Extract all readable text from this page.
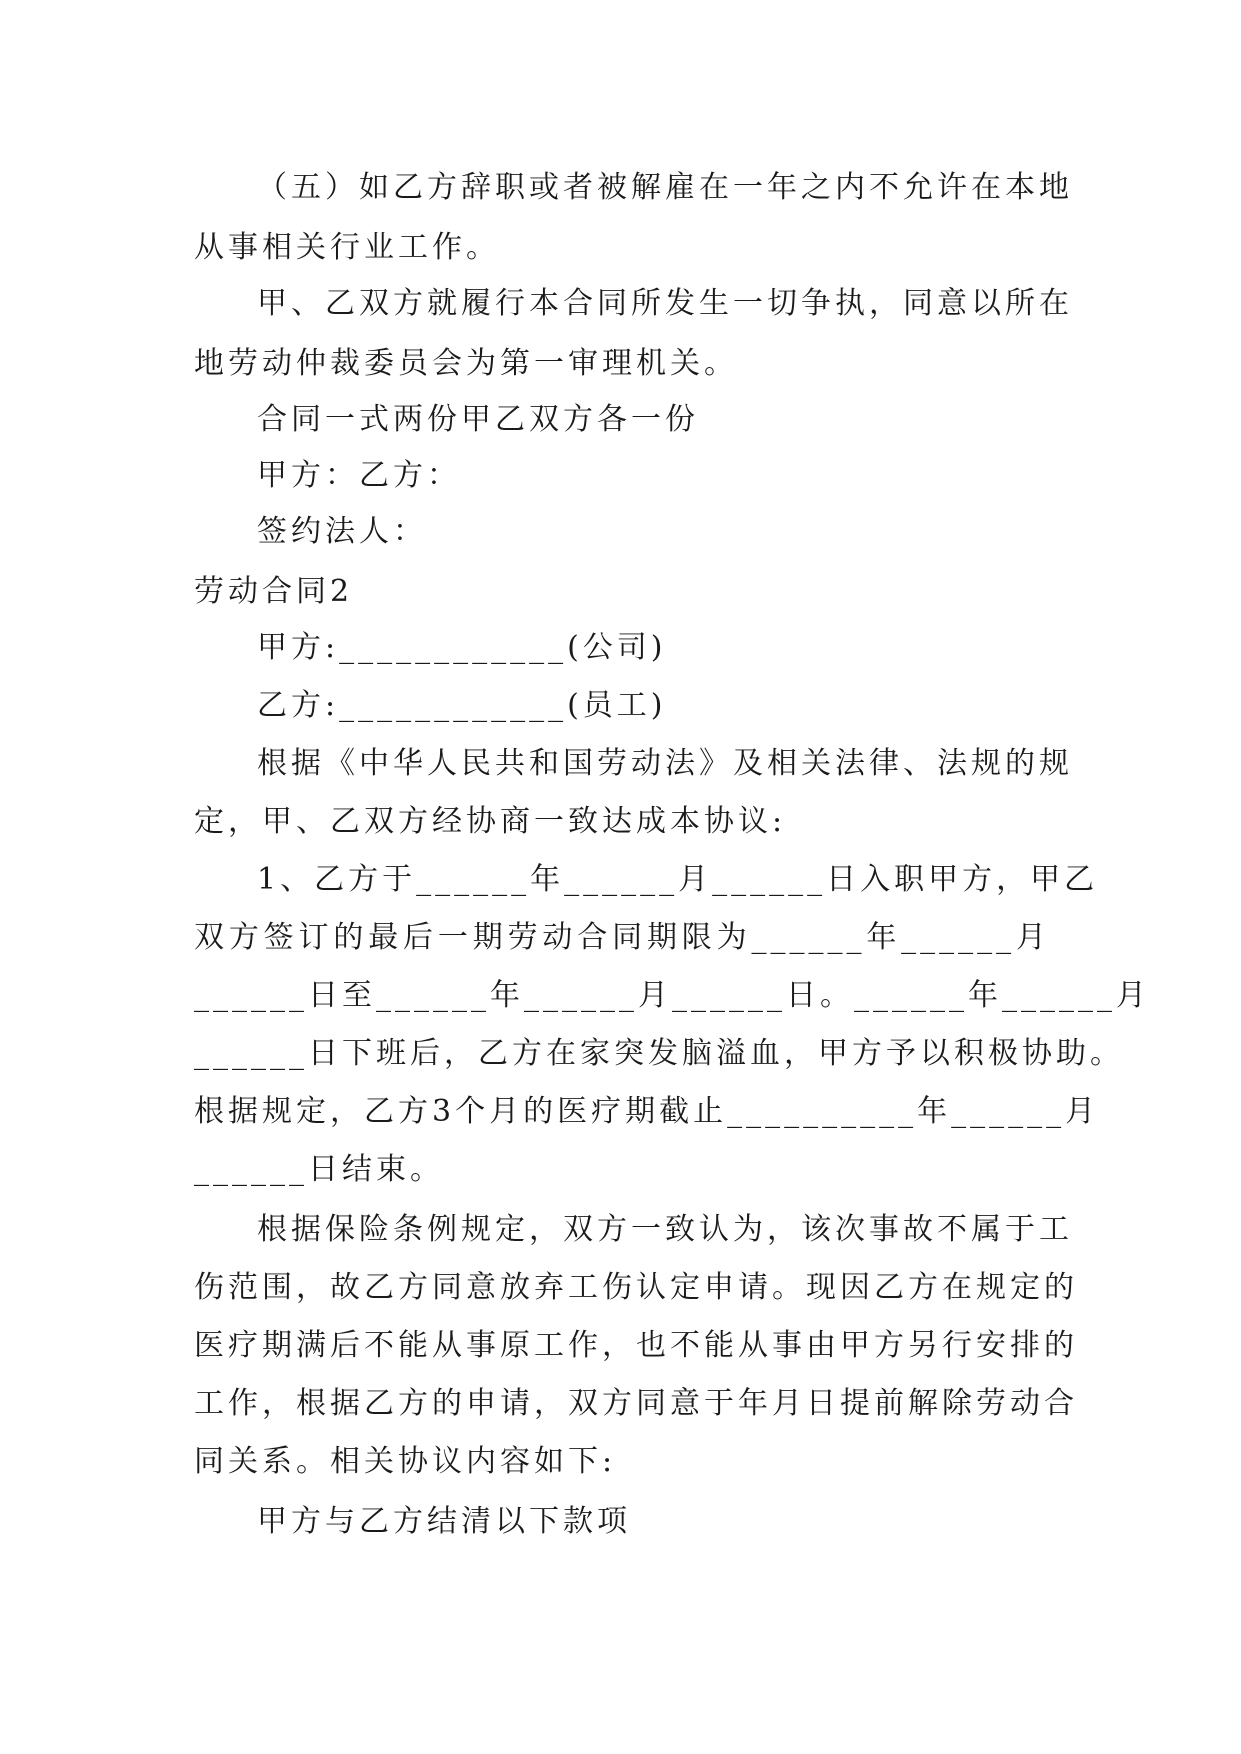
（五）如乙方辞职或者被解雇在一年之内不允许在本地
从事相关行业工作。
甲、乙双方就履行本合同所发生一切争执，同意以所在
地劳动仲裁委员会为第一审理机关。
合同一式两份甲乙双方各一份
甲方：乙方：
签约法人：
劳动合同2
甲方:____________(公司)
乙方:____________(员工)
根据《中华人民共和国劳动法》及相关法律、法规的规
定，甲、乙双方经协商一致达成本协议:
1、乙方于______年______月______日入职甲方，甲乙
双方签订的最后一期劳动合同期限为______年______月
______日至______年______月______日。______年______月
______日下班后，乙方在家突发脑溢血，甲方予以积极协助。
根据规定，乙方3个月的医疗期截止__________年______月
______日结束。
根据保险条例规定，双方一致认为，该次事故不属于工
伤范围，故乙方同意放弃工伤认定申请。现因乙方在规定的
医疗期满后不能从事原工作，也不能从事由甲方另行安排的
工作，根据乙方的申请，双方同意于年月日提前解除劳动合
同关系。相关协议内容如下:
甲方与乙方结清以下款项
